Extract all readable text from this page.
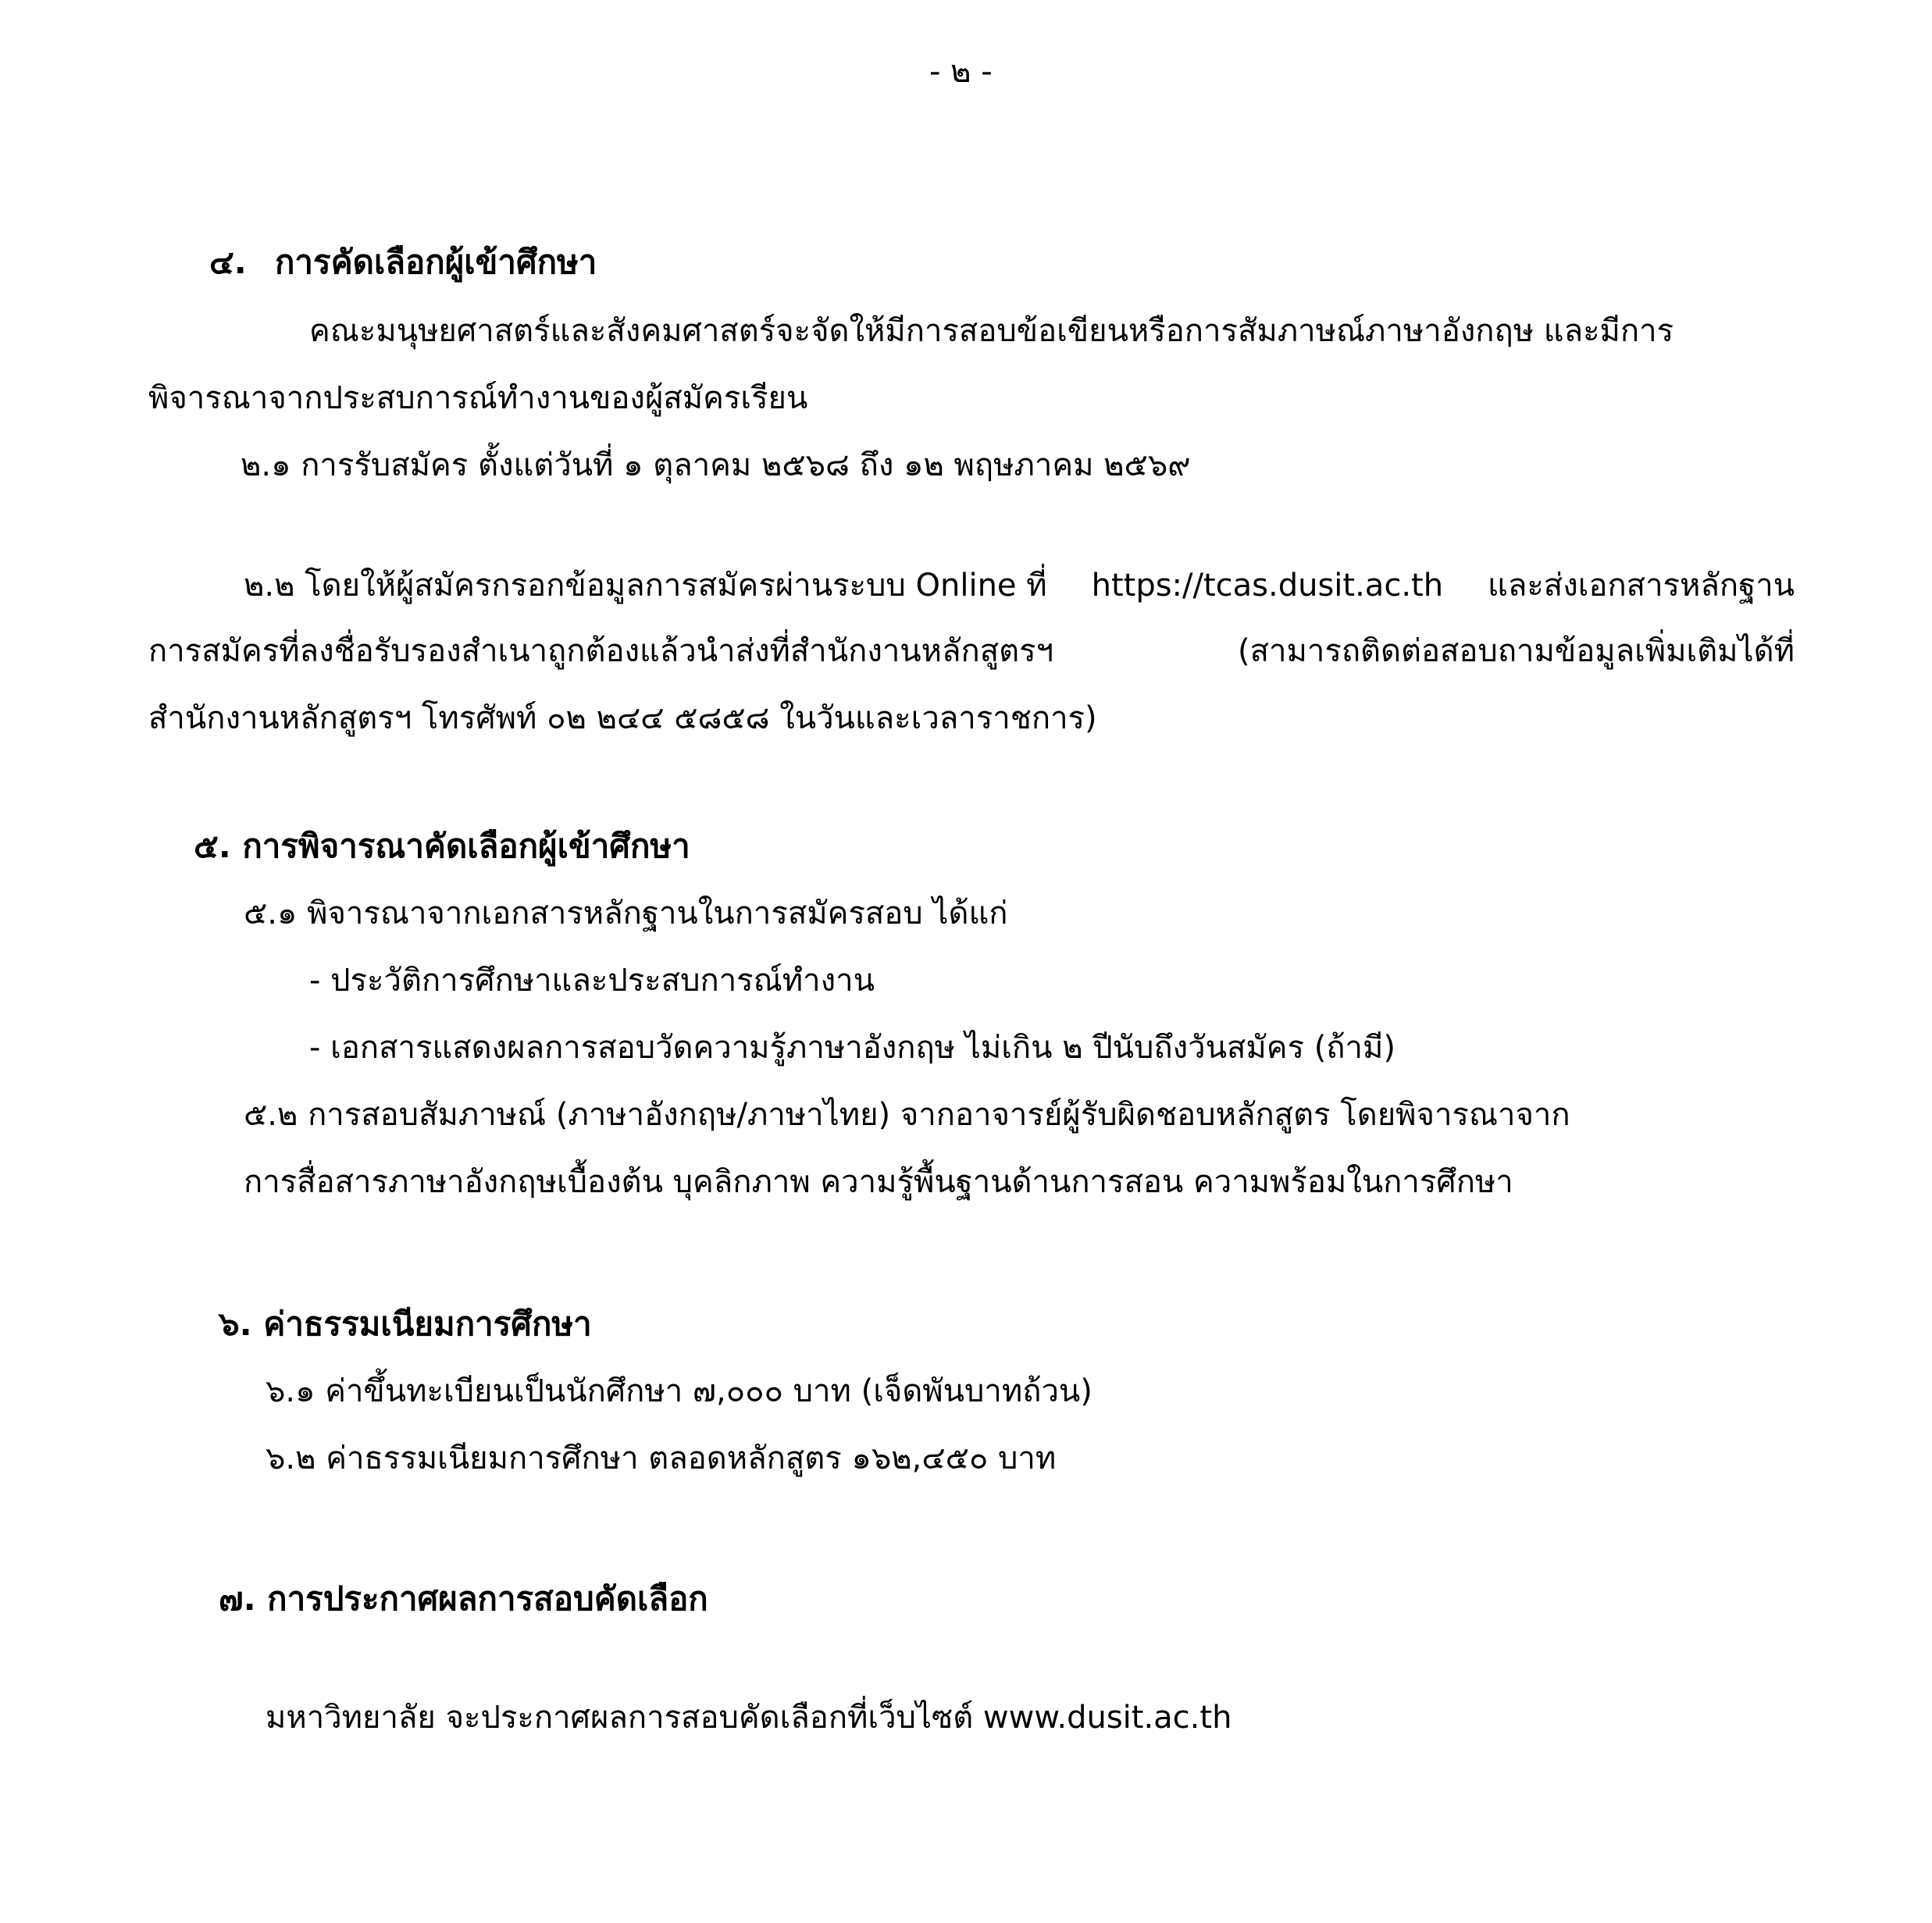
- ๒ -
๔. การคัดเลือกผู้เข้าศึกษา
คณะมนุษยศาสตร์และสังคมศาสตร์จะจัดให้มีการสอบข้อเขียนหรือการสัมภาษณ์ภาษาอังกฤษ และมีการ
พิจารณาจากประสบการณ์ทำงานของผู้สมัครเรียน
๒.๑ การรับสมัคร ตั้งแต่วันที่ ๑ ตุลาคม ๒๕๖๘ ถึง ๑๒ พฤษภาคม ๒๕๖๙
๒.๒ โดยให้ผู้สมัครกรอกข้อมูลการสมัครผ่านระบบ Online ที่ https://tcas.dusit.ac.th และส่งเอกสารหลักฐาน
การสมัครที่ลงชื่อรับรองสำเนาถูกต้องแล้วนำส่งที่สำนักงานหลักสูตรฯ	(สามารถติดต่อสอบถามข้อมูลเพิ่มเติมได้ที่
สำนักงานหลักสูตรฯ โทรศัพท์ ๐๒ ๒๔๔ ๕๘๕๘ ในวันและเวลาราชการ)
๕. การพิจารณาคัดเลือกผู้เข้าศึกษา
๕.๑ พิจารณาจากเอกสารหลักฐานในการสมัครสอบ ได้แก่
- ประวัติการศึกษาและประสบการณ์ทำงาน
- เอกสารแสดงผลการสอบวัดความรู้ภาษาอังกฤษ ไม่เกิน ๒ ปีนับถึงวันสมัคร (ถ้ามี)
๕.๒ การสอบสัมภาษณ์ (ภาษาอังกฤษ/ภาษาไทย) จากอาจารย์ผู้รับผิดชอบหลักสูตร โดยพิจารณาจาก
การสื่อสารภาษาอังกฤษเบื้องต้น บุคลิกภาพ ความรู้พื้นฐานด้านการสอน ความพร้อมในการศึกษา
๖. ค่าธรรมเนียมการศึกษา
๖.๑ ค่าขึ้นทะเบียนเป็นนักศึกษา ๗,๐๐๐ บาท (เจ็ดพันบาทถ้วน)
๖.๒ ค่าธรรมเนียมการศึกษา ตลอดหลักสูตร ๑๖๒,๔๕๐ บาท
๗. การประกาศผลการสอบคัดเลือก
มหาวิทยาลัย จะประกาศผลการสอบคัดเลือกที่เว็บไซต์ www.dusit.ac.th
